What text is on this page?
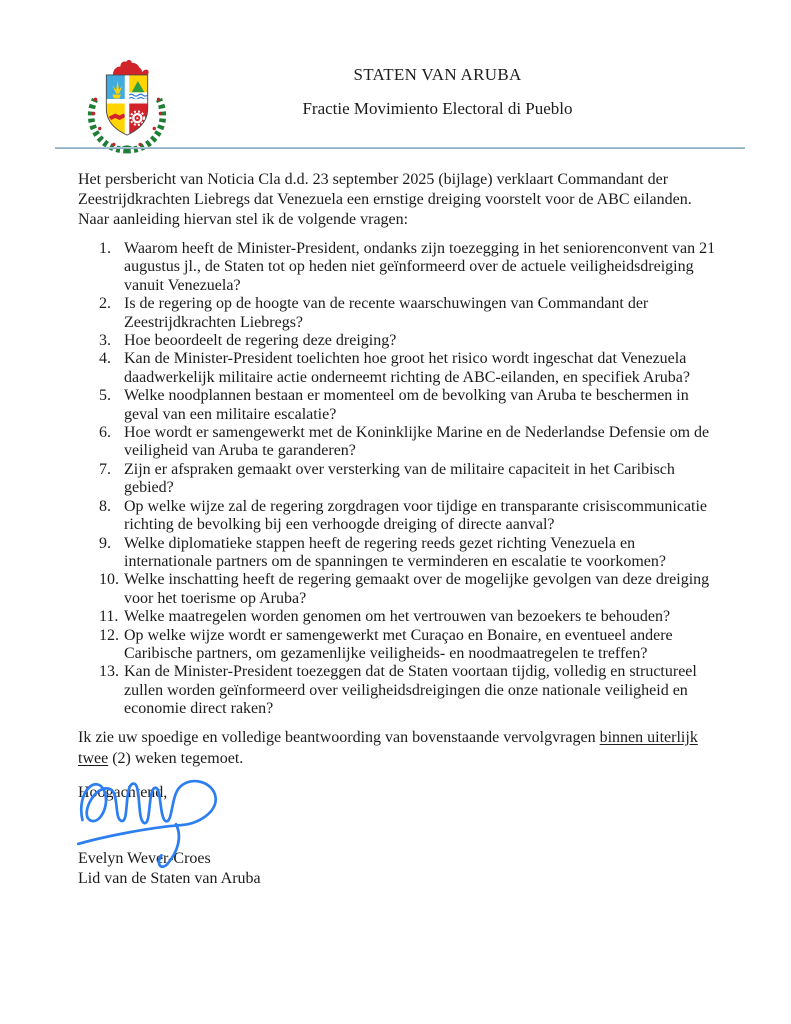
STATEN VAN ARUBA
Fractie Movimiento Electoral di Pueblo

Het persbericht van Noticia Cla d.d. 23 september 2025 (bijlage) verklaart Commandant der Zeestrijdkrachten Liebregs dat Venezuela een ernstige dreiging voorstelt voor de ABC eilanden. Naar aanleiding hiervan stel ik de volgende vragen:

1. Waarom heeft de Minister-President, ondanks zijn toezegging in het seniorenconvent van 21 augustus jl., de Staten tot op heden niet geïnformeerd over de actuele veiligheidsdreiging vanuit Venezuela?
2. Is de regering op de hoogte van de recente waarschuwingen van Commandant der Zeestrijdkrachten Liebregs?
3. Hoe beoordeelt de regering deze dreiging?
4. Kan de Minister-President toelichten hoe groot het risico wordt ingeschat dat Venezuela daadwerkelijk militaire actie onderneemt richting de ABC-eilanden, en specifiek Aruba?
5. Welke noodplannen bestaan er momenteel om de bevolking van Aruba te beschermen in geval van een militaire escalatie?
6. Hoe wordt er samengewerkt met de Koninklijke Marine en de Nederlandse Defensie om de veiligheid van Aruba te garanderen?
7. Zijn er afspraken gemaakt over versterking van de militaire capaciteit in het Caribisch gebied?
8. Op welke wijze zal de regering zorgdragen voor tijdige en transparante crisiscommunicatie richting de bevolking bij een verhoogde dreiging of directe aanval?
9. Welke diplomatieke stappen heeft de regering reeds gezet richting Venezuela en internationale partners om de spanningen te verminderen en escalatie te voorkomen?
10. Welke inschatting heeft de regering gemaakt over de mogelijke gevolgen van deze dreiging voor het toerisme op Aruba?
11. Welke maatregelen worden genomen om het vertrouwen van bezoekers te behouden?
12. Op welke wijze wordt er samengewerkt met Curaçao en Bonaire, en eventueel andere Caribische partners, om gezamenlijke veiligheids- en noodmaatregelen te treffen?
13. Kan de Minister-President toezeggen dat de Staten voortaan tijdig, volledig en structureel zullen worden geïnformeerd over veiligheidsdreigingen die onze nationale veiligheid en economie direct raken?

Ik zie uw spoedige en volledige beantwoording van bovenstaande vervolgvragen binnen uiterlijk
twee (2) weken tegemoet.

Hoogachtend,

Evelyn Wever-Croes
Lid van de Staten van Aruba
